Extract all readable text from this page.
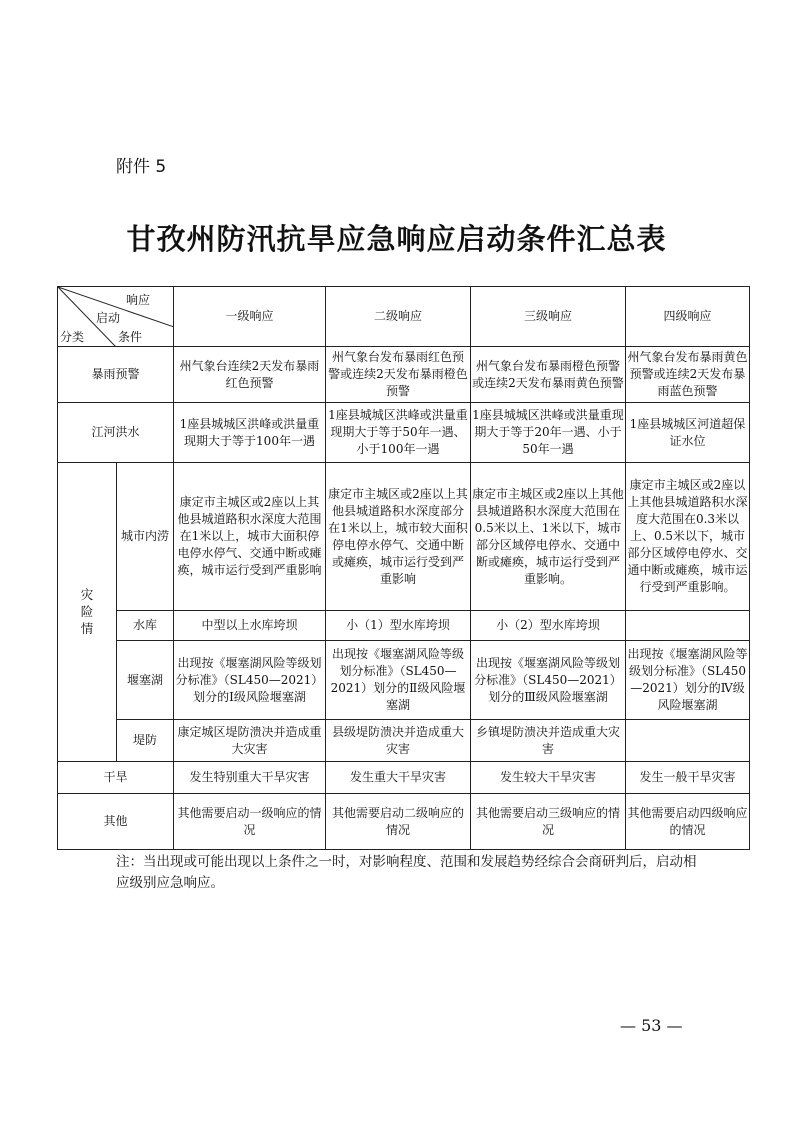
附件 5
甘孜州防汛抗旱应急响应启动条件汇总表
响应
启动
分类 条件		一级响应	二级响应	三级响应	四级响应
暴雨预警		州气象台连续2天发布暴雨红色预警	州气象台发布暴雨红色预警或连续2天发布暴雨橙色预警	州气象台发布暴雨橙色预警或连续2天发布暴雨黄色预警	州气象台发布暴雨黄色预警或连续2天发布暴雨蓝色预警
江河洪水		1座县城城区洪峰或洪量重现期大于等于100年一遇	1座县城城区洪峰或洪量重现期大于等于50年一遇、小于100年一遇	1座县城城区洪峰或洪量重现期大于等于20年一遇、小于50年一遇	1座县城城区河道超保证水位
灾险情	城市内涝	康定市主城区或2座以上其他县城道路积水深度大范围在1米以上，城市大面积停电停水停气、交通中断或瘫痪，城市运行受到严重影响	康定市主城区或2座以上其他县城道路积水深度部分在1米以上，城市较大面积停电停水停气、交通中断或瘫痪，城市运行受到严重影响	康定市主城区或2座以上其他县城道路积水深度大范围在0.5米以上、1米以下，城市部分区域停电停水、交通中断或瘫痪，城市运行受到严重影响。	康定市主城区或2座以上其他县城道路积水深度大范围在0.3米以上、0.5米以下，城市部分区域停电停水、交通中断或瘫痪，城市运行受到严重影响。
	水库	中型以上水库垮坝	小（1）型水库垮坝	小（2）型水库垮坝	
	堰塞湖	出现按《堰塞湖风险等级划分标准》（SL450—2021）划分的Ⅰ级风险堰塞湖	出现按《堰塞湖风险等级划分标准》（SL450—2021）划分的Ⅱ级风险堰塞湖	出现按《堰塞湖风险等级划分标准》（SL450—2021）划分的Ⅲ级风险堰塞湖	出现按《堰塞湖风险等级划分标准》（SL450—2021）划分的Ⅳ级风险堰塞湖
	堤防	康定城区堤防溃决并造成重大灾害	县级堤防溃决并造成重大灾害	乡镇堤防溃决并造成重大灾害	
干旱		发生特别重大干旱灾害	发生重大干旱灾害	发生较大干旱灾害	发生一般干旱灾害
其他		其他需要启动一级响应的情况	其他需要启动二级响应的情况	其他需要启动三级响应的情况	其他需要启动四级响应的情况
注：当出现或可能出现以上条件之一时，对影响程度、范围和发展趋势经综合会商研判后，启动相应级别应急响应。
— 53 —
